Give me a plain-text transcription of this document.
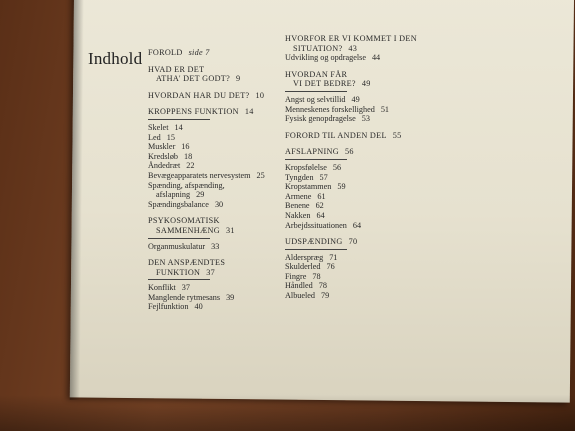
Indhold FOROLD side 7
HVAD ER DET
ATHA' DET GODT? 9
HVORDAN HAR DU DET? 10
KROPPENS FUNKTION 14
Skelet 14
Led 15
Muskler 16
Kredsløb 18
Åndedræt 22
Bevægeapparatets nervesystem 25
Spænding, afspænding,
afslapning 29
Spændingsbalance 30
PSYKOSOMATISK
SAMMENHÆNG 31
Organmuskulatur 33
DEN ANSPÆNDTES
FUNKTION 37
Konflikt 37
Manglende rytmesans 39
Fejlfunktion 40
HVORFOR ER VI KOMMET I DEN
SITUATION? 43
Udvikling og opdragelse 44
HVORDAN FÅR
VI DET BEDRE? 49
Angst og selvtillid 49
Menneskenes forskellighed 51
Fysisk genopdragelse 53
FORORD TIL ANDEN DEL 55
AFSLAPNING 56
Kropsfølelse 56
Tyngden 57
Kropstammen 59
Armene 61
Benene 62
Nakken 64
Arbejdssituationen 64
UDSPÆNDING 70
Alderspræg 71
Skulderled 76
Fingre 78
Håndled 78
Albueled 79
